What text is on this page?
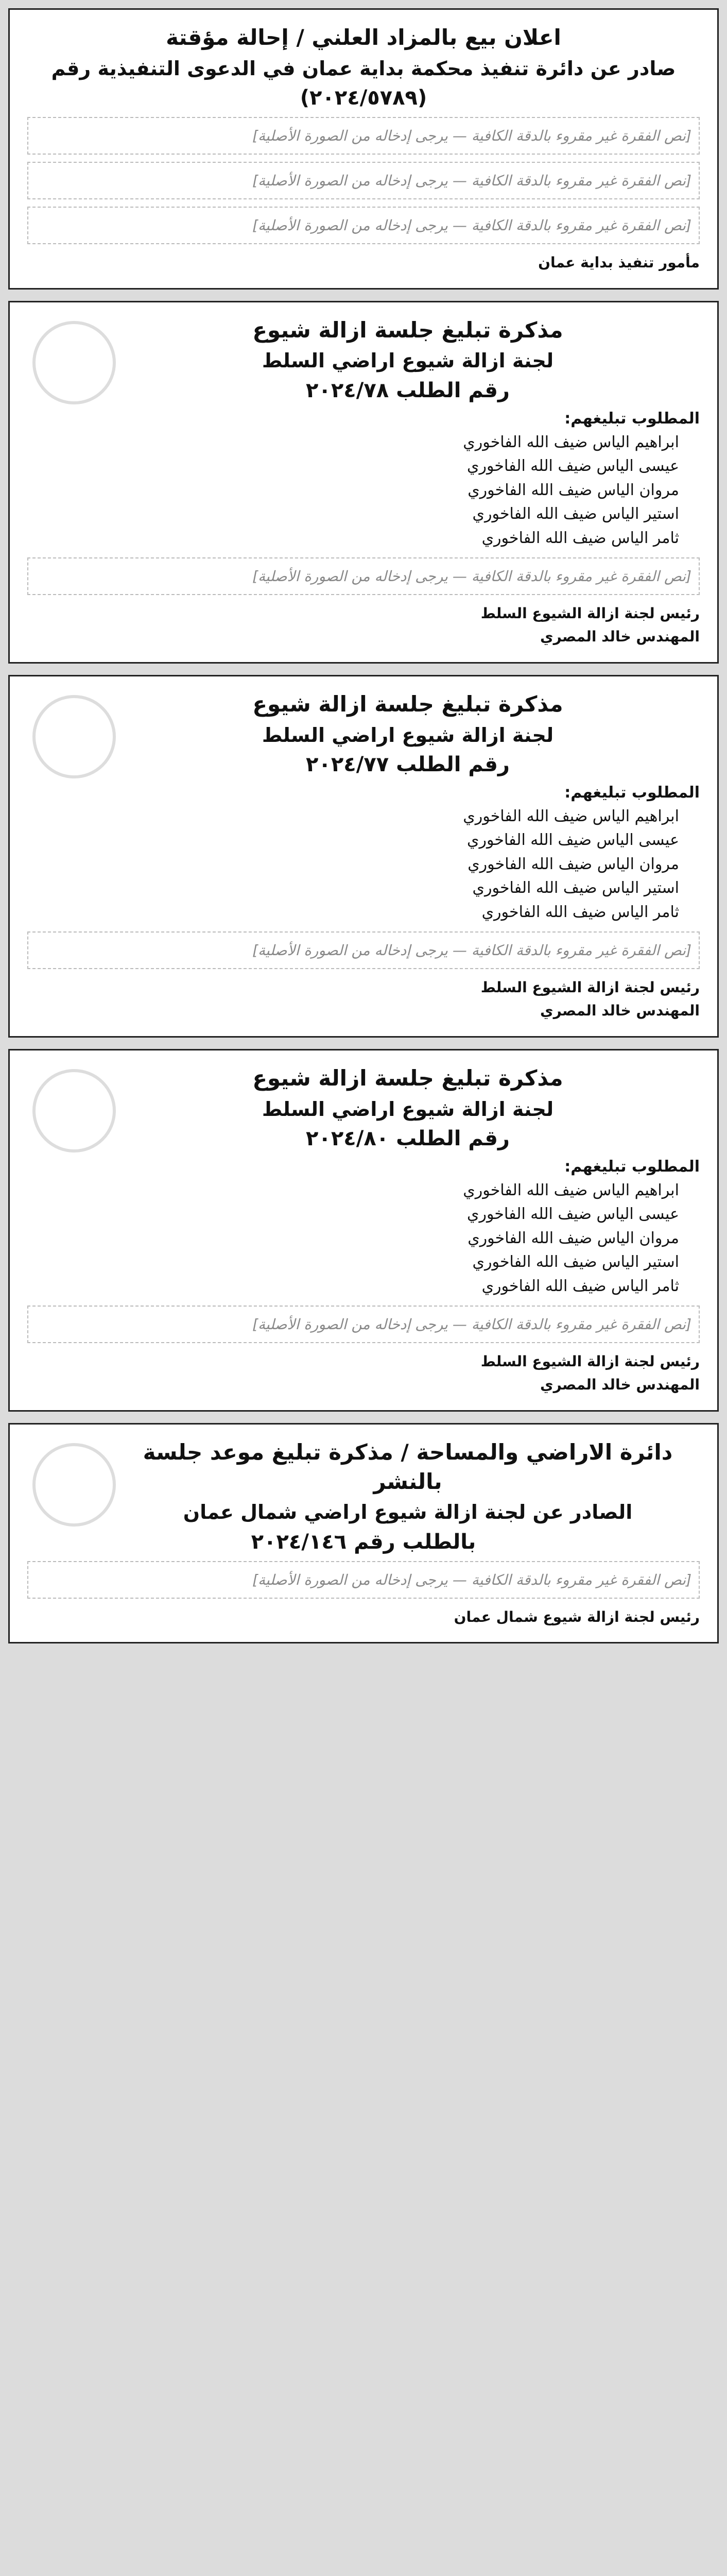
اعلان بيع بالمزاد العلني / إحالة مؤقتة
صادر عن دائرة تنفيذ محكمة بداية عمان في الدعوى التنفيذية رقم
(٢٠٢٤/٥٧٨٩)

[نص الفقرة غير مقروء بالدقة الكافية — يرجى إدخاله من الصورة الأصلية]

[نص الفقرة غير مقروء بالدقة الكافية — يرجى إدخاله من الصورة الأصلية]

[نص الفقرة غير مقروء بالدقة الكافية — يرجى إدخاله من الصورة الأصلية]

مأمور تنفيذ بداية عمان
مذكرة تبليغ جلسة ازالة شيوع
لجنة ازالة شيوع اراضي السلط
رقم الطلب ٢٠٢٤/٧٨
المطلوب تبليغهم:
ابراهيم الياس ضيف الله الفاخوري
عيسى الياس ضيف الله الفاخوري
مروان الياس ضيف الله الفاخوري
استير الياس ضيف الله الفاخوري
ثامر الياس ضيف الله الفاخوري

[نص الفقرة غير مقروء بالدقة الكافية — يرجى إدخاله من الصورة الأصلية]

رئيس لجنة ازالة الشيوع السلط
المهندس خالد المصري
مذكرة تبليغ جلسة ازالة شيوع
لجنة ازالة شيوع اراضي السلط
رقم الطلب ٢٠٢٤/٧٧
المطلوب تبليغهم:
ابراهيم الياس ضيف الله الفاخوري
عيسى الياس ضيف الله الفاخوري
مروان الياس ضيف الله الفاخوري
استير الياس ضيف الله الفاخوري
ثامر الياس ضيف الله الفاخوري

[نص الفقرة غير مقروء بالدقة الكافية — يرجى إدخاله من الصورة الأصلية]

رئيس لجنة ازالة الشيوع السلط
المهندس خالد المصري
مذكرة تبليغ جلسة ازالة شيوع
لجنة ازالة شيوع اراضي السلط
رقم الطلب ٢٠٢٤/٨٠
المطلوب تبليغهم:
ابراهيم الياس ضيف الله الفاخوري
عيسى الياس ضيف الله الفاخوري
مروان الياس ضيف الله الفاخوري
استير الياس ضيف الله الفاخوري
ثامر الياس ضيف الله الفاخوري

[نص الفقرة غير مقروء بالدقة الكافية — يرجى إدخاله من الصورة الأصلية]

رئيس لجنة ازالة الشيوع السلط
المهندس خالد المصري
دائرة الاراضي والمساحة / مذكرة تبليغ موعد جلسة بالنشر
الصادر عن لجنة ازالة شيوع اراضي شمال عمان
بالطلب رقم ٢٠٢٤/١٤٦

[نص الفقرة غير مقروء بالدقة الكافية — يرجى إدخاله من الصورة الأصلية]

رئيس لجنة ازالة شيوع شمال عمان
